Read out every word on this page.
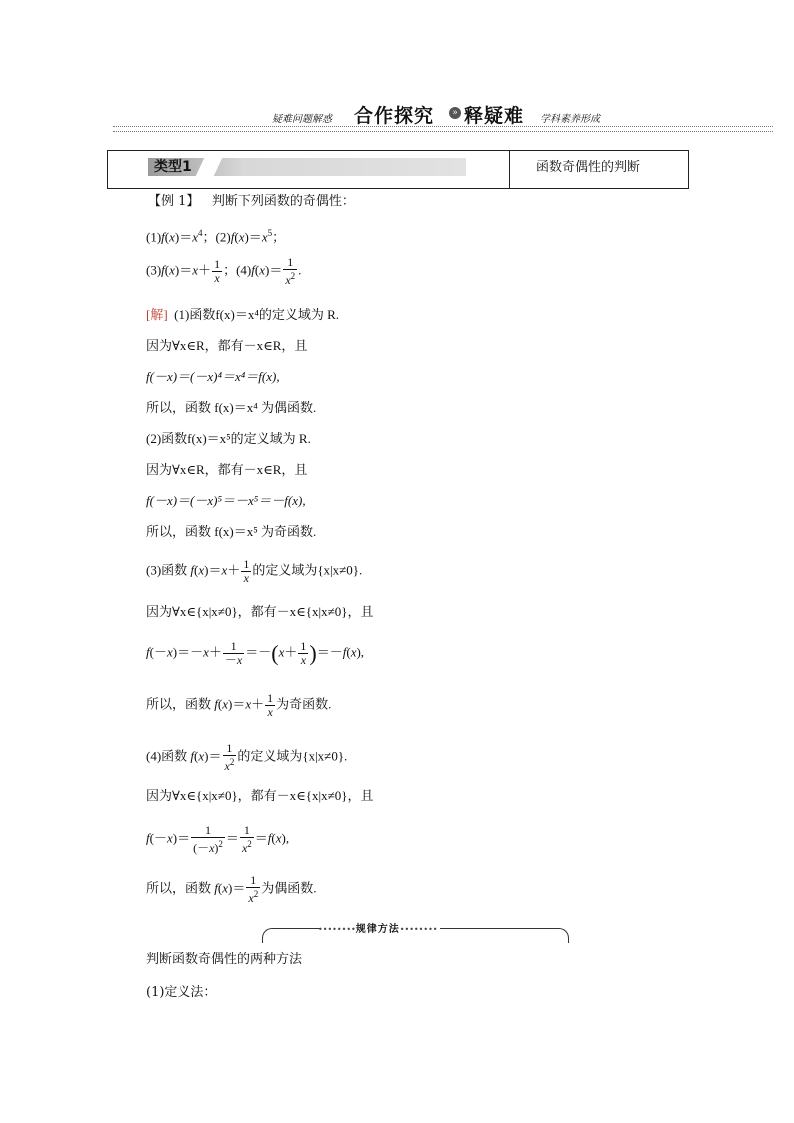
疑难问题解惑 合作探究	» 释疑难 学科素养形成
类型1	函数奇偶性的判断
【例 1】 判断下列函数的奇偶性：
$(1)f(x)=x^4$；$(2)f(x)=x^5$；
$(3)f(x)=x+ \frac{1}{x}$ ；$(4)f(x)= \frac{1}{x^2}$ .
[解] (1)函数f(x)＝x⁴的定义域为 R.
因为∀x∈R，都有－x∈R，且
f(－x)＝(－x)⁴＝x⁴＝f(x),
所以，函数 f(x)＝x⁴ 为偶函数.
(2)函数f(x)＝x⁵的定义域为 R.
因为∀x∈R，都有－x∈R，且
f(－x)＝(－x)⁵＝－x⁵＝－f(x),
所以，函数 f(x)＝x⁵ 为奇函数.
(3)函数 $f(x)=x+ \frac{1}{x}$ 的定义域为{x|x≠0}.
因为∀x∈{x|x≠0}，都有－x∈{x|x≠0}，且
$f(-x)=-x+ \frac{1}{-x} =-(x+ \frac{1}{x} )=-f(x)$,
所以，函数 $f(x)=x+ \frac{1}{x}$ 为奇函数.
(4)函数 $f(x)= \frac{1}{x^2}$ 的定义域为{x|x≠0}.
因为∀x∈{x|x≠0}，都有－x∈{x|x≠0}，且
$f(-x)= \frac{1}{(-x)^2} = \frac{1}{x^2} =f(x)$,
所以，函数 $f(x)= \frac{1}{x^2}$ 为偶函数.
••••••••规律方法••••••••
判断函数奇偶性的两种方法
(1)定义法：
